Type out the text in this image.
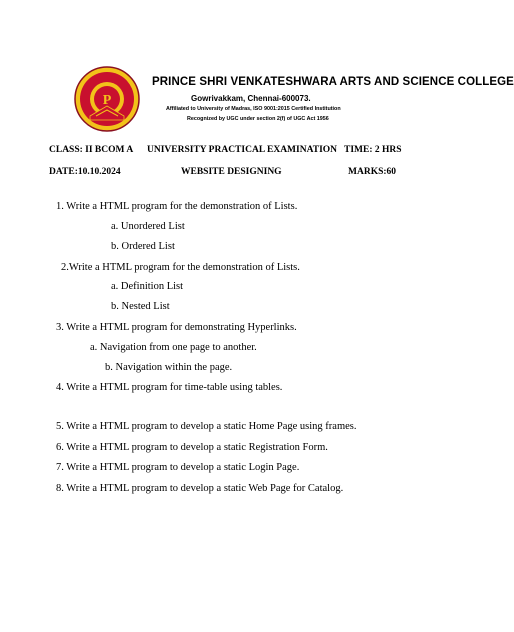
P
PRINCE SHRI VENKATESHWARA ARTS AND SCIENCE COLLEGE
Gowrivakkam, Chennai-600073.
Affiliated to University of Madras, ISO 9001:2015 Certified Institution
Recognized by UGC under section 2(f) of UGC Act 1956
CLASS: II BCOM A UNIVERSITY PRACTICAL EXAMINATION TIME: 2 HRS
DATE:10.10.2024	WEBSITE DESIGNING	MARKS:60
1. Write a HTML program for the demonstration of Lists.
a. Unordered List
b. Ordered List
2.Write a HTML program for the demonstration of Lists.
a. Definition List
b. Nested List
3. Write a HTML program for demonstrating Hyperlinks.
a. Navigation from one page to another.
b. Navigation within the page.
4. Write a HTML program for time-table using tables.
5. Write a HTML program to develop a static Home Page using frames.
6. Write a HTML program to develop a static Registration Form.
7. Write a HTML program to develop a static Login Page.
8. Write a HTML program to develop a static Web Page for Catalog.
